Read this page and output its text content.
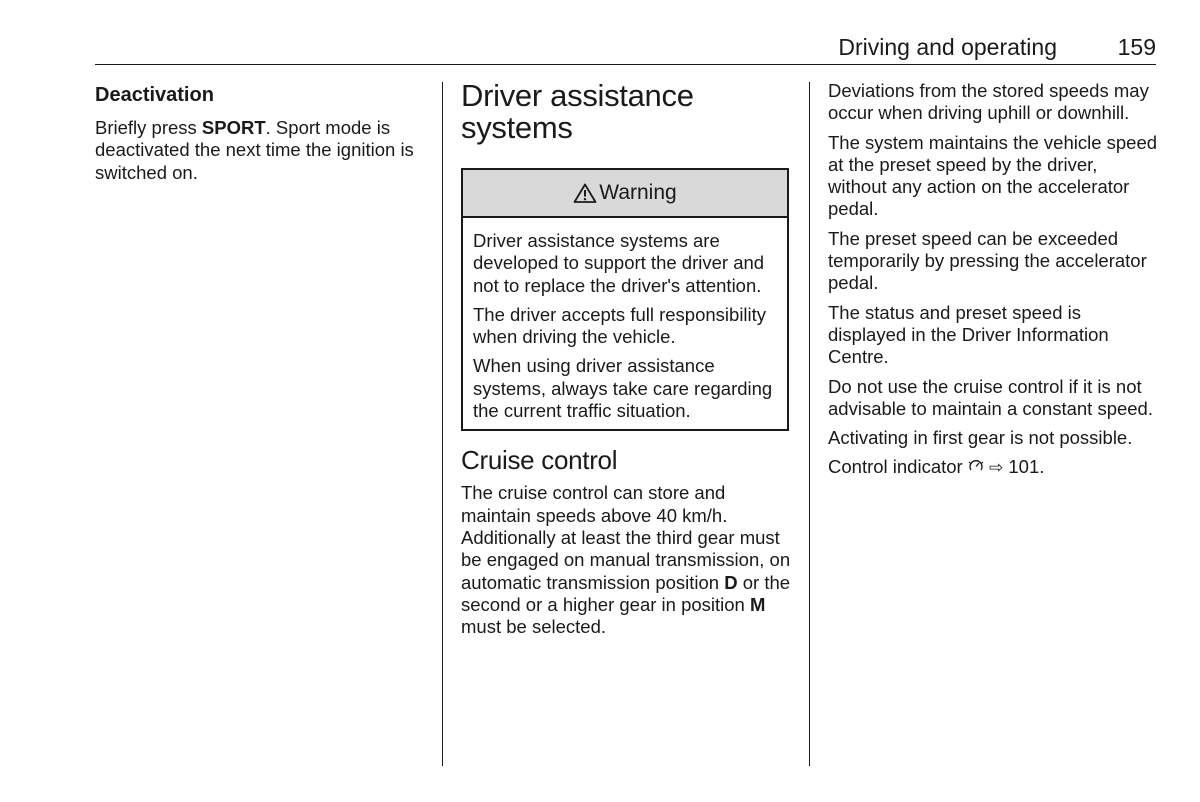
Driving and operating	159
Deactivation

Briefly press SPORT. Sport mode is deactivated the next time the ignition is switched on.

Driver assistance systems
Warning

Driver assistance systems are developed to support the driver and not to replace the driver's attention.

The driver accepts full responsibility when driving the vehicle.

When using driver assistance systems, always take care regarding the current traffic situation.

Cruise control

The cruise control can store and maintain speeds above 40 km/h. Additionally at least the third gear must be engaged on manual transmission, on automatic transmission position D or the second or a higher gear in position M must be selected.

Deviations from the stored speeds may occur when driving uphill or downhill.

The system maintains the vehicle speed at the preset speed by the driver, without any action on the accelerator pedal.

The preset speed can be exceeded temporarily by pressing the accelerator pedal.

The status and preset speed is displayed in the Driver Information Centre.

Do not use the cruise control if it is not advisable to maintain a constant speed.

Activating in first gear is not possible.

Control indicator  ⇨ 101.
